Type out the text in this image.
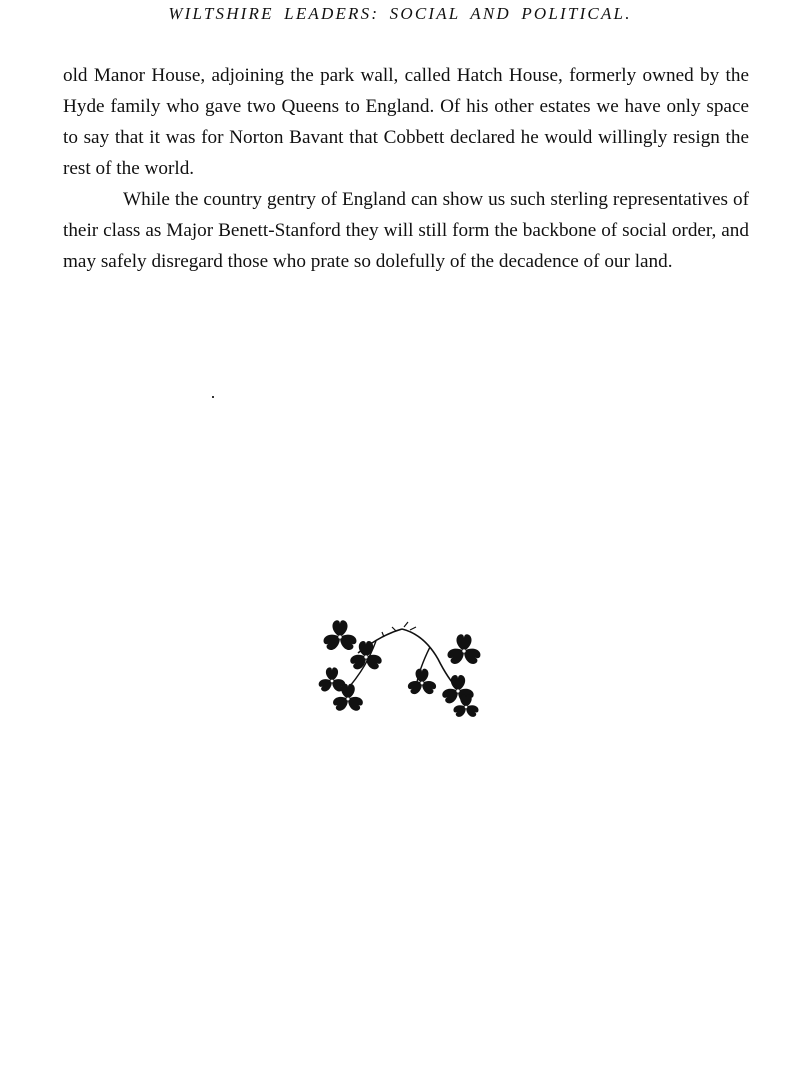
WILTSHIRE LEADERS: SOCIAL AND POLITICAL.

old Manor House, adjoining the park wall, called Hatch House, formerly owned by the Hyde family who gave two Queens to England. Of his other estates we have only space to say that it was for Norton Bavant that Cobbett declared he would willingly resign the rest of the world.

While the country gentry of England can show us such sterling representatives of their class as Major Benett-Stanford they will still form the backbone of social order, and may safely disregard those who prate so dolefully of the decadence of our land.
